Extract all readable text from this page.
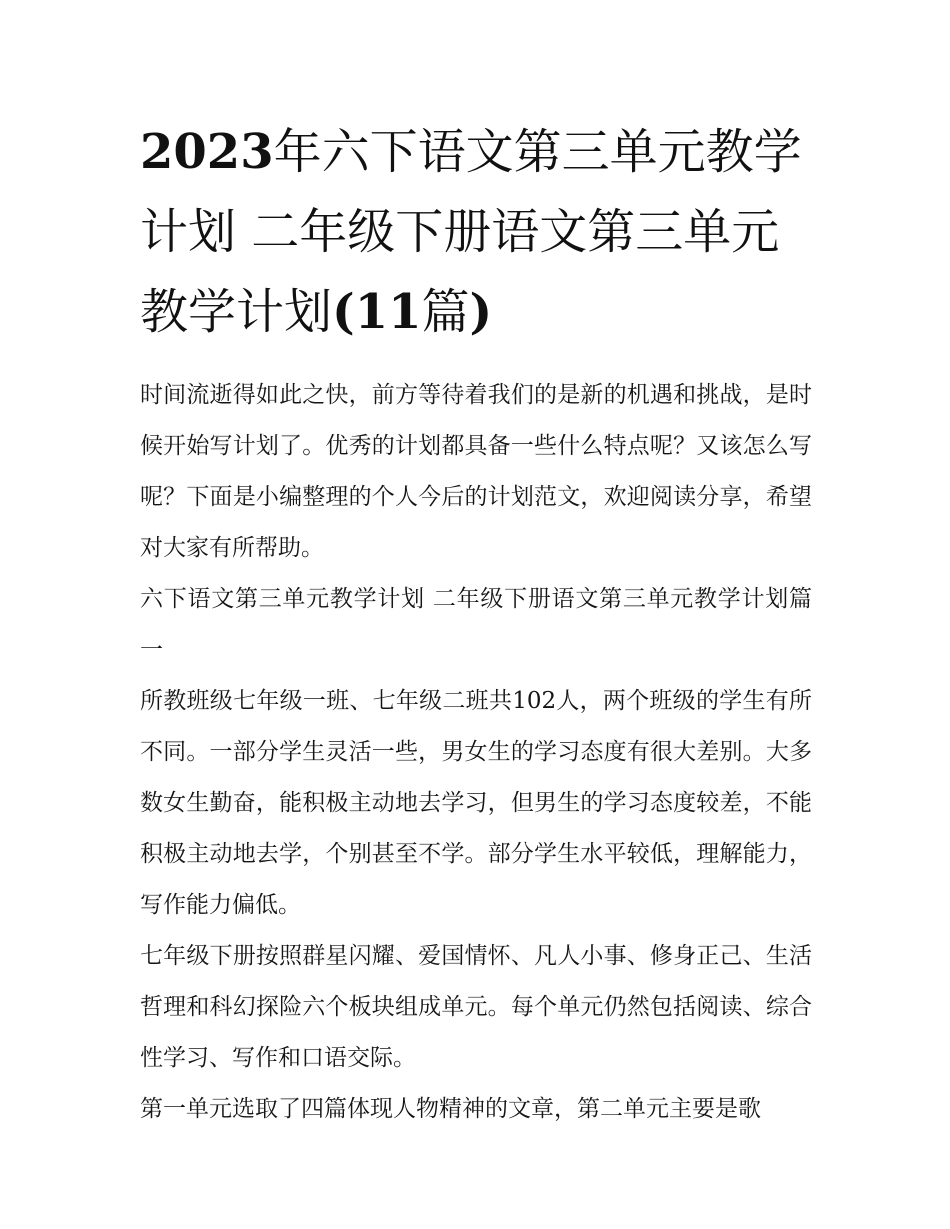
2023年六下语文第三单元教学计划 二年级下册语文第三单元教学计划(11篇)

时间流逝得如此之快，前方等待着我们的是新的机遇和挑战，是时候开始写计划了。优秀的计划都具备一些什么特点呢？又该怎么写呢？下面是小编整理的个人今后的计划范文，欢迎阅读分享，希望对大家有所帮助。

六下语文第三单元教学计划 二年级下册语文第三单元教学计划篇一

所教班级七年级一班、七年级二班共102人，两个班级的学生有所不同。一部分学生灵活一些，男女生的学习态度有很大差别。大多数女生勤奋，能积极主动地去学习，但男生的学习态度较差，不能积极主动地去学，个别甚至不学。部分学生水平较低，理解能力，写作能力偏低。

七年级下册按照群星闪耀、爱国情怀、凡人小事、修身正己、生活哲理和科幻探险六个板块组成单元。每个单元仍然包括阅读、综合性学习、写作和口语交际。

第一单元选取了四篇体现人物精神的文章，第二单元主要是歌
